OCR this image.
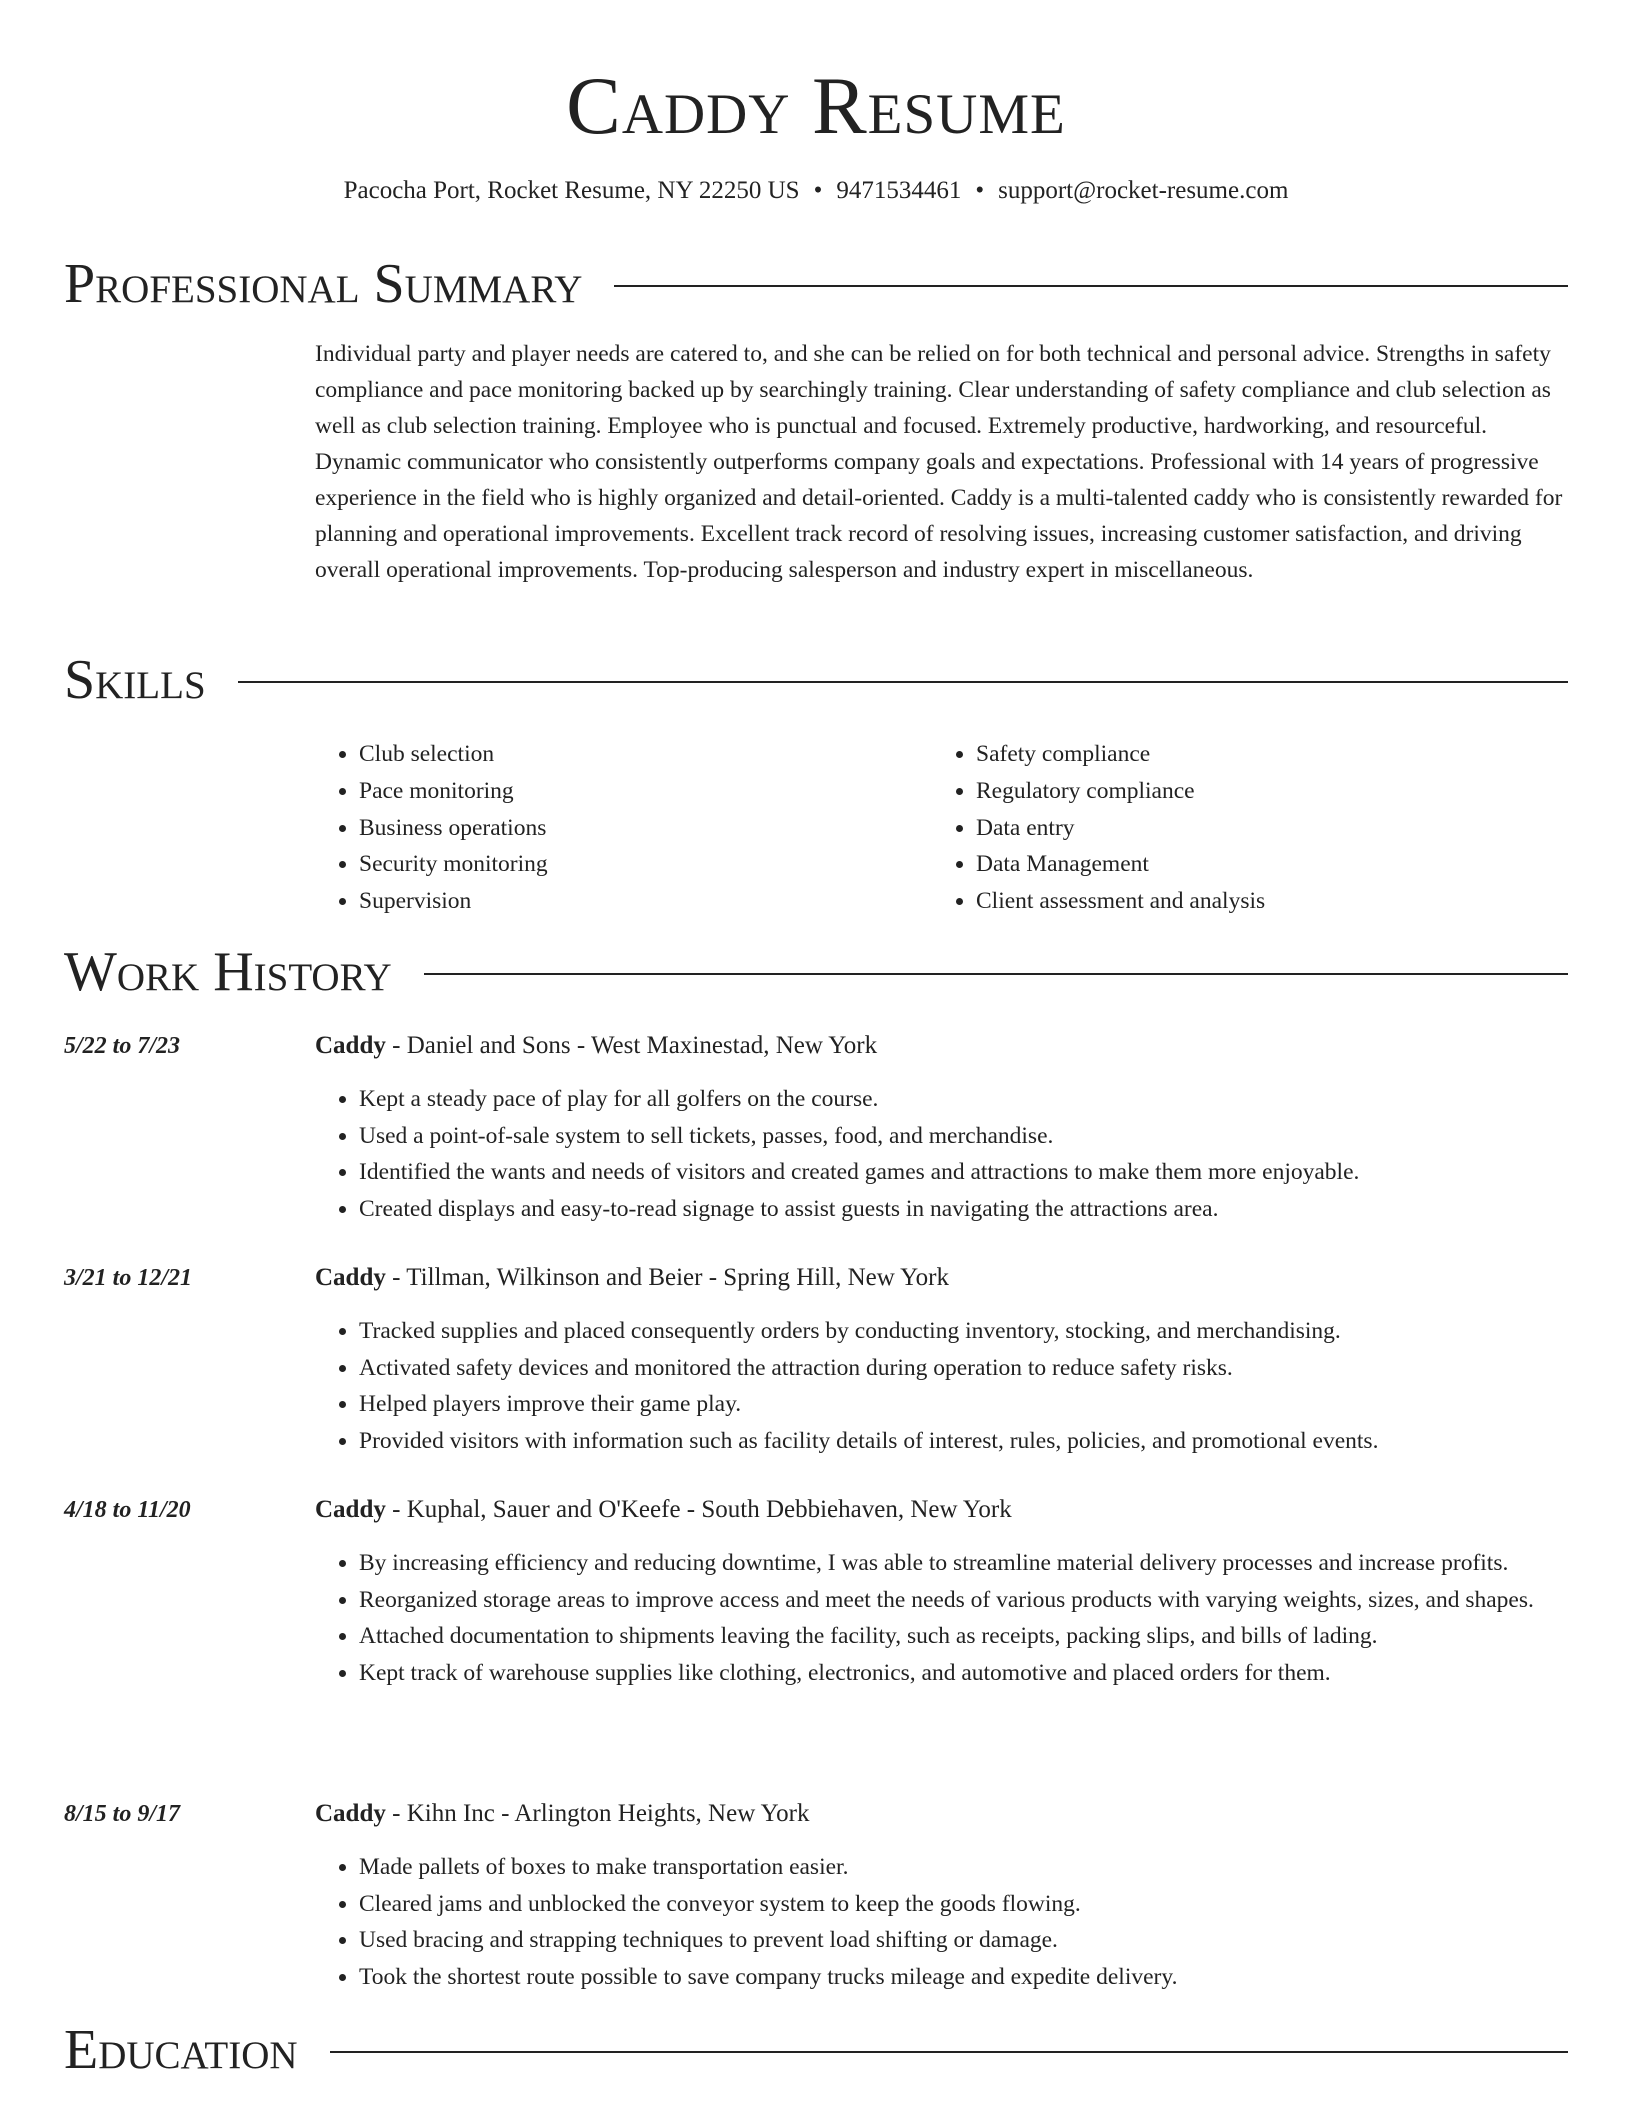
Caddy Resume
Pacocha Port, Rocket Resume, NY 22250 US • 9471534461 • support@rocket-resume.com
Professional Summary

Individual party and player needs are catered to, and she can be relied on for both technical and personal advice. Strengths in safety compliance and pace monitoring backed up by searchingly training. Clear understanding of safety compliance and club selection as well as club selection training. Employee who is punctual and focused. Extremely productive, hardworking, and resourceful. Dynamic communicator who consistently outperforms company goals and expectations. Professional with 14 years of progressive experience in the field who is highly organized and detail-oriented. Caddy is a multi-talented caddy who is consistently rewarded for planning and operational improvements. Excellent track record of resolving issues, increasing customer satisfaction, and driving overall operational improvements. Top-producing salesperson and industry expert in miscellaneous.

Skills
• Club selection
• Pace monitoring
• Business operations
• Security monitoring
• Supervision
• Safety compliance
• Regulatory compliance
• Data entry
• Data Management
• Client assessment and analysis
Work History
5/22 to 7/23	Caddy - Daniel and Sons - West Maxinestad, New York
• Kept a steady pace of play for all golfers on the course.
• Used a point-of-sale system to sell tickets, passes, food, and merchandise.
• Identified the wants and needs of visitors and created games and attractions to make them more enjoyable.
• Created displays and easy-to-read signage to assist guests in navigating the attractions area.
3/21 to 12/21	Caddy - Tillman, Wilkinson and Beier - Spring Hill, New York
• Tracked supplies and placed consequently orders by conducting inventory, stocking, and merchandising.
• Activated safety devices and monitored the attraction during operation to reduce safety risks.
• Helped players improve their game play.
• Provided visitors with information such as facility details of interest, rules, policies, and promotional events.
4/18 to 11/20	Caddy - Kuphal, Sauer and O'Keefe - South Debbiehaven, New York
• By increasing efficiency and reducing downtime, I was able to streamline material delivery processes and increase profits.
• Reorganized storage areas to improve access and meet the needs of various products with varying weights, sizes, and shapes.
• Attached documentation to shipments leaving the facility, such as receipts, packing slips, and bills of lading.
• Kept track of warehouse supplies like clothing, electronics, and automotive and placed orders for them.
8/15 to 9/17	Caddy - Kihn Inc - Arlington Heights, New York
• Made pallets of boxes to make transportation easier.
• Cleared jams and unblocked the conveyor system to keep the goods flowing.
• Used bracing and strapping techniques to prevent load shifting or damage.
• Took the shortest route possible to save company trucks mileage and expedite delivery.
Education
